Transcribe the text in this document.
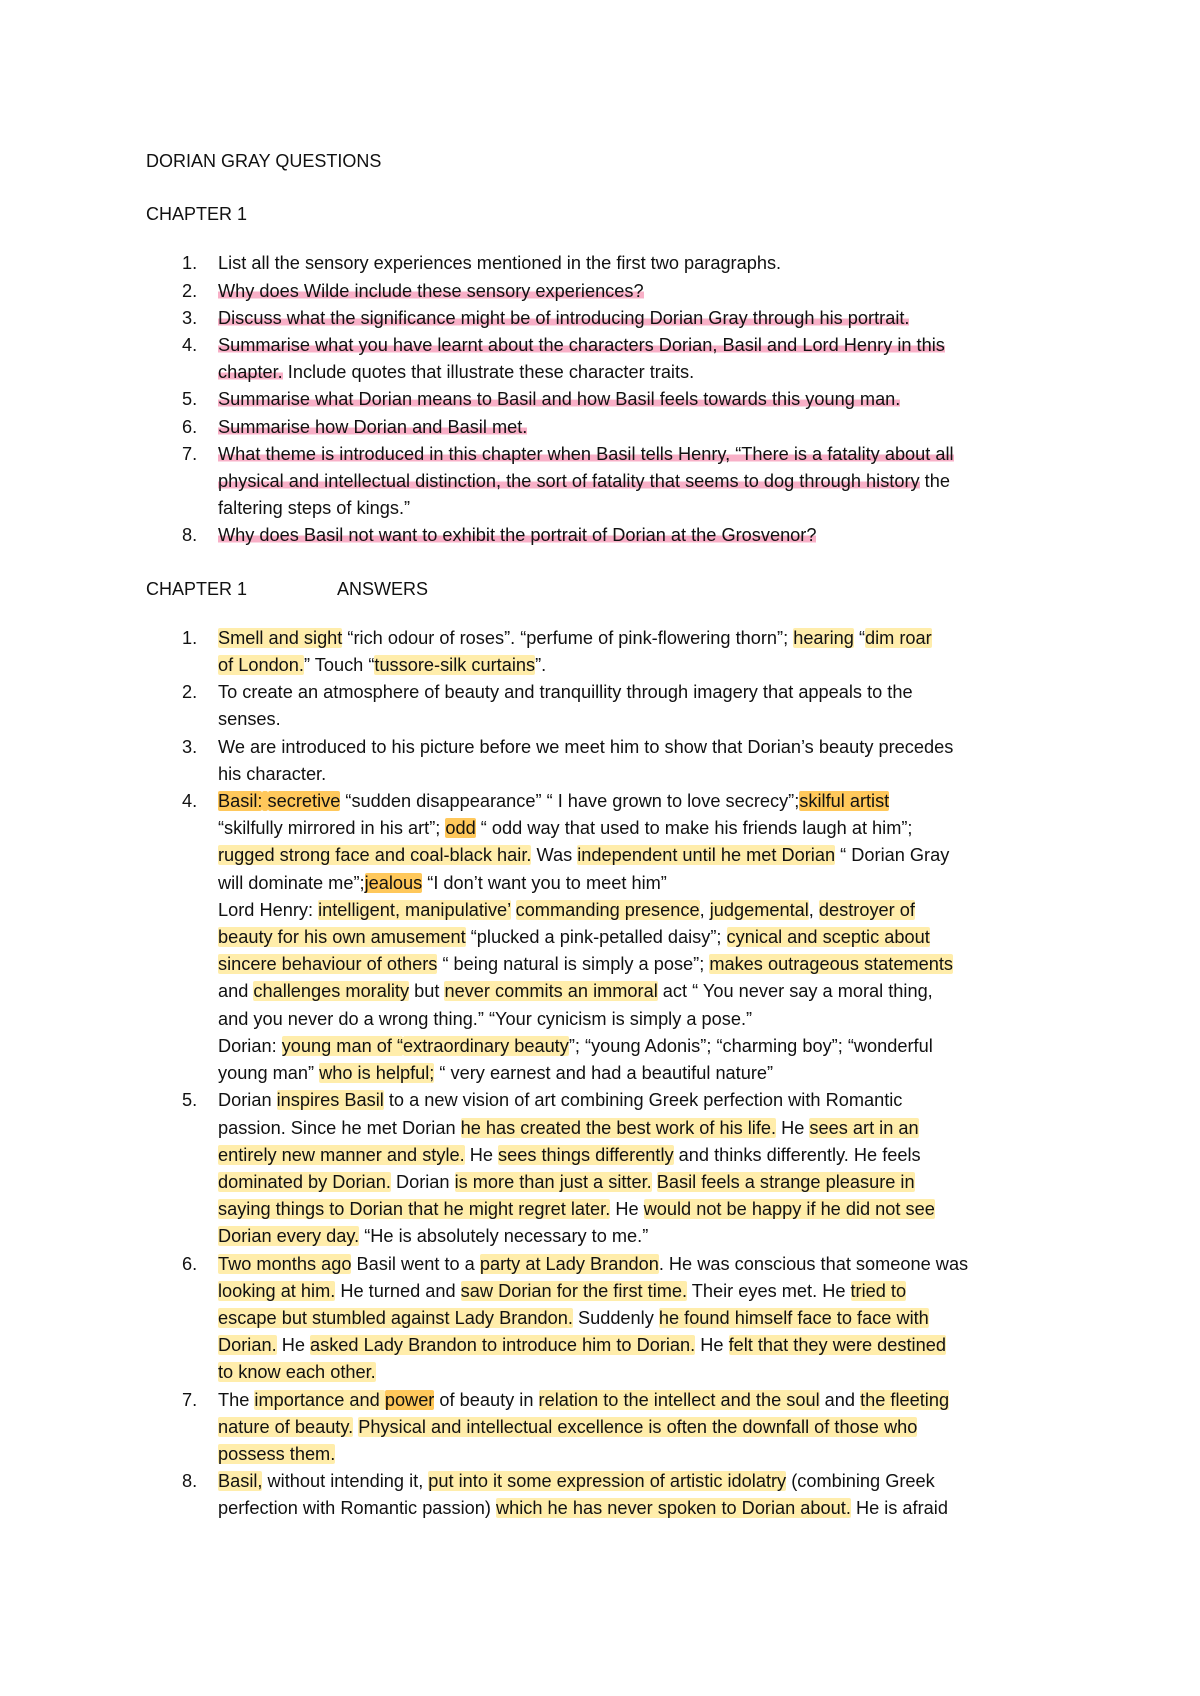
DORIAN GRAY QUESTIONS
CHAPTER 1
1.	List all the sensory experiences mentioned in the first two paragraphs.
2.	Why does Wilde include these sensory experiences?
3.	Discuss what the significance might be of introducing Dorian Gray through his portrait.
4.	Summarise what you have learnt about the characters Dorian, Basil and Lord Henry in this
chapter. Include quotes that illustrate these character traits.
5.	Summarise what Dorian means to Basil and how Basil feels towards this young man.
6.	Summarise how Dorian and Basil met.
7.	What theme is introduced in this chapter when Basil tells Henry, “There is a fatality about all
physical and intellectual distinction, the sort of fatality that seems to dog through history the
faltering steps of kings.”
8.	Why does Basil not want to exhibit the portrait of Dorian at the Grosvenor?
CHAPTER 1	ANSWERS
1.	Smell and sight “rich odour of roses”. “perfume of pink-flowering thorn”; hearing “dim roar
of London.” Touch “tussore-silk curtains”.
2.	To create an atmosphere of beauty and tranquillity through imagery that appeals to the
senses.
3.	We are introduced to his picture before we meet him to show that Dorian’s beauty precedes
his character.
4.	Basil: secretive “sudden disappearance” “ I have grown to love secrecy”;skilful artist
“skilfully mirrored in his art”; odd “ odd way that used to make his friends laugh at him”;
rugged strong face and coal-black hair. Was independent until he met Dorian “ Dorian Gray
will dominate me”;jealous “I don’t want you to meet him”
Lord Henry: intelligent, manipulative’ commanding presence, judgemental, destroyer of
beauty for his own amusement “plucked a pink-petalled daisy”; cynical and sceptic about
sincere behaviour of others “ being natural is simply a pose”; makes outrageous statements
and challenges morality but never commits an immoral act “ You never say a moral thing,
and you never do a wrong thing.” “Your cynicism is simply a pose.”
Dorian: young man of “extraordinary beauty”; “young Adonis”; “charming boy”; “wonderful
young man” who is helpful; “ very earnest and had a beautiful nature”
5.	Dorian inspires Basil to a new vision of art combining Greek perfection with Romantic
passion. Since he met Dorian he has created the best work of his life. He sees art in an
entirely new manner and style. He sees things differently and thinks differently. He feels
dominated by Dorian. Dorian is more than just a sitter. Basil feels a strange pleasure in
saying things to Dorian that he might regret later. He would not be happy if he did not see
Dorian every day. “He is absolutely necessary to me.”
6.	Two months ago Basil went to a party at Lady Brandon. He was conscious that someone was
looking at him. He turned and saw Dorian for the first time. Their eyes met. He tried to
escape but stumbled against Lady Brandon. Suddenly he found himself face to face with
Dorian. He asked Lady Brandon to introduce him to Dorian. He felt that they were destined
to know each other.
7.	The importance and power of beauty in relation to the intellect and the soul and the fleeting
nature of beauty. Physical and intellectual excellence is often the downfall of those who
possess them.
8.	Basil, without intending it, put into it some expression of artistic idolatry (combining Greek
perfection with Romantic passion) which he has never spoken to Dorian about. He is afraid
